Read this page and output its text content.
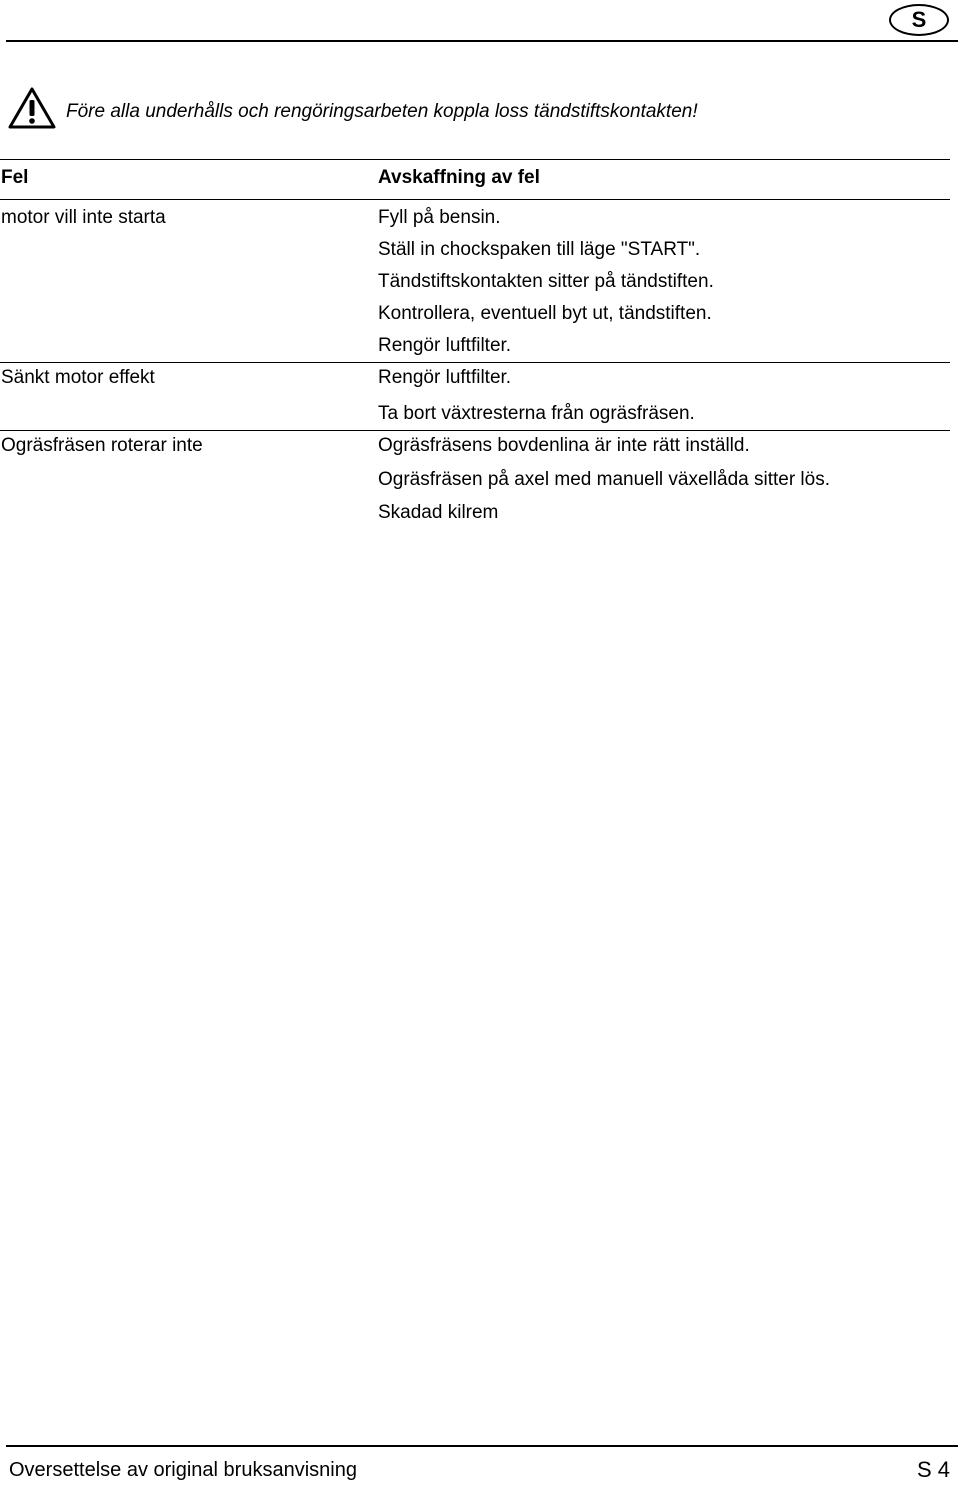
S
Före alla underhålls och rengöringsarbeten koppla loss tändstiftskontakten!
Fel	Avskaffning av fel
motor vill inte starta	Fyll på bensin.
Ställ in chockspaken till läge "START".
Tändstiftskontakten sitter på tändstiften.
Kontrollera, eventuell byt ut, tändstiften.
Rengör luftfilter.
Sänkt motor effekt	Rengör luftfilter.
Ta bort växtresterna från ogräsfräsen.
Ogräsfräsen roterar inte	Ogräsfräsens bovdenlina är inte rätt inställd.
Ogräsfräsen på axel med manuell växellåda sitter lös.
Skadad kilrem
Oversettelse av original bruksanvisning	S 4
